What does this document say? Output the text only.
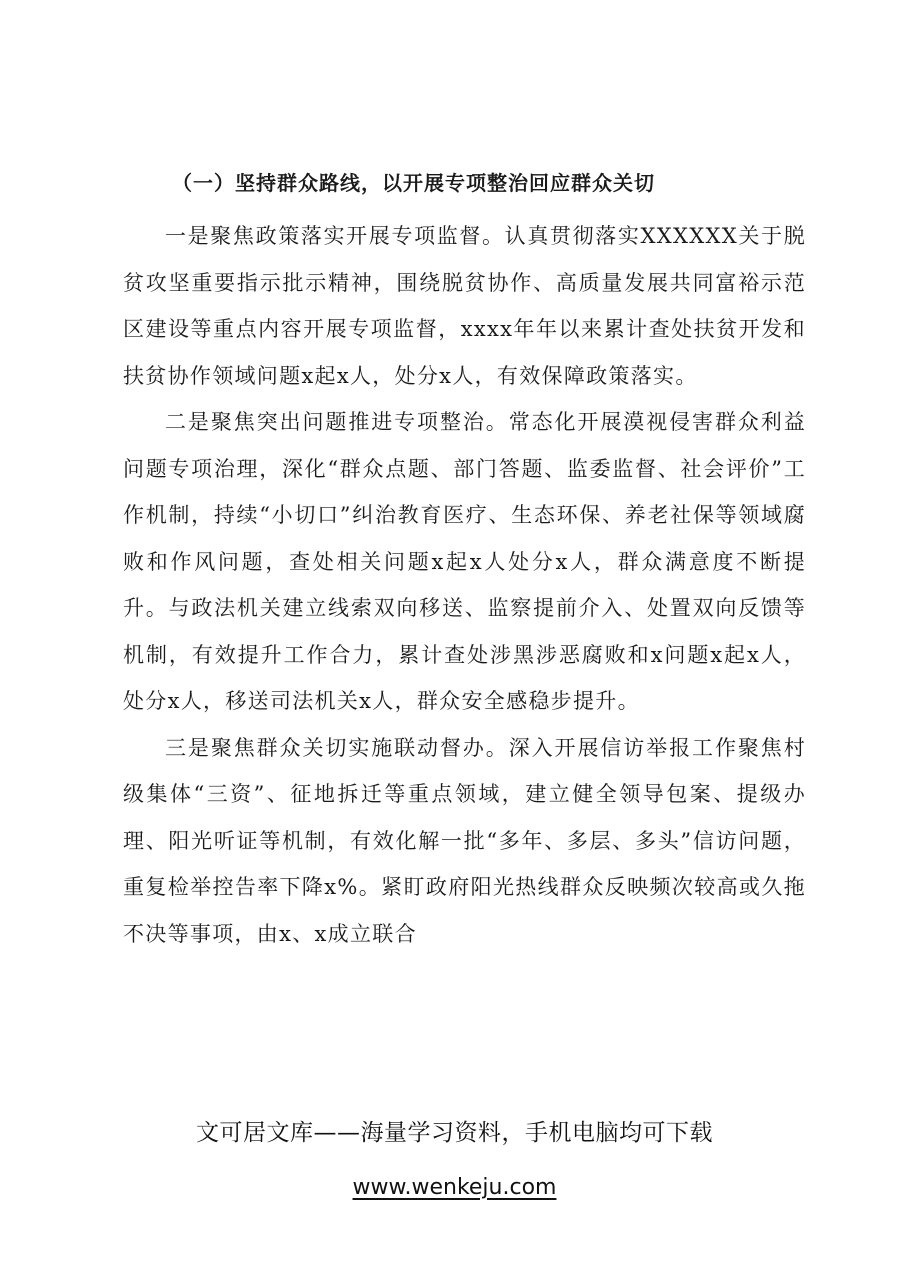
（一）坚持群众路线，以开展专项整治回应群众关切

一是聚焦政策落实开展专项监督。认真贯彻落实XXXXXX关于脱贫攻坚重要指示批示精神，围绕脱贫协作、高质量发展共同富裕示范区建设等重点内容开展专项监督，xxxx年年以来累计查处扶贫开发和扶贫协作领域问题x起x人，处分x人，有效保障政策落实。

二是聚焦突出问题推进专项整治。常态化开展漠视侵害群众利益问题专项治理，深化“群众点题、部门答题、监委监督、社会评价”工作机制，持续“小切口”纠治教育医疗、生态环保、养老社保等领域腐败和作风问题，查处相关问题x起x人处分x人，群众满意度不断提升。与政法机关建立线索双向移送、监察提前介入、处置双向反馈等机制，有效提升工作合力，累计查处涉黑涉恶腐败和x问题x起x人，处分x人，移送司法机关x人，群众安全感稳步提升。

三是聚焦群众关切实施联动督办。深入开展信访举报工作聚焦村级集体“三资”、征地拆迁等重点领域，建立健全领导包案、提级办理、阳光听证等机制，有效化解一批“多年、多层、多头”信访问题，重复检举控告率下降x%。紧盯政府阳光热线群众反映频次较高或久拖不决等事项，由x、x成立联合

文可居文库——海量学习资料，手机电脑均可下载
www.wenkeju.com
